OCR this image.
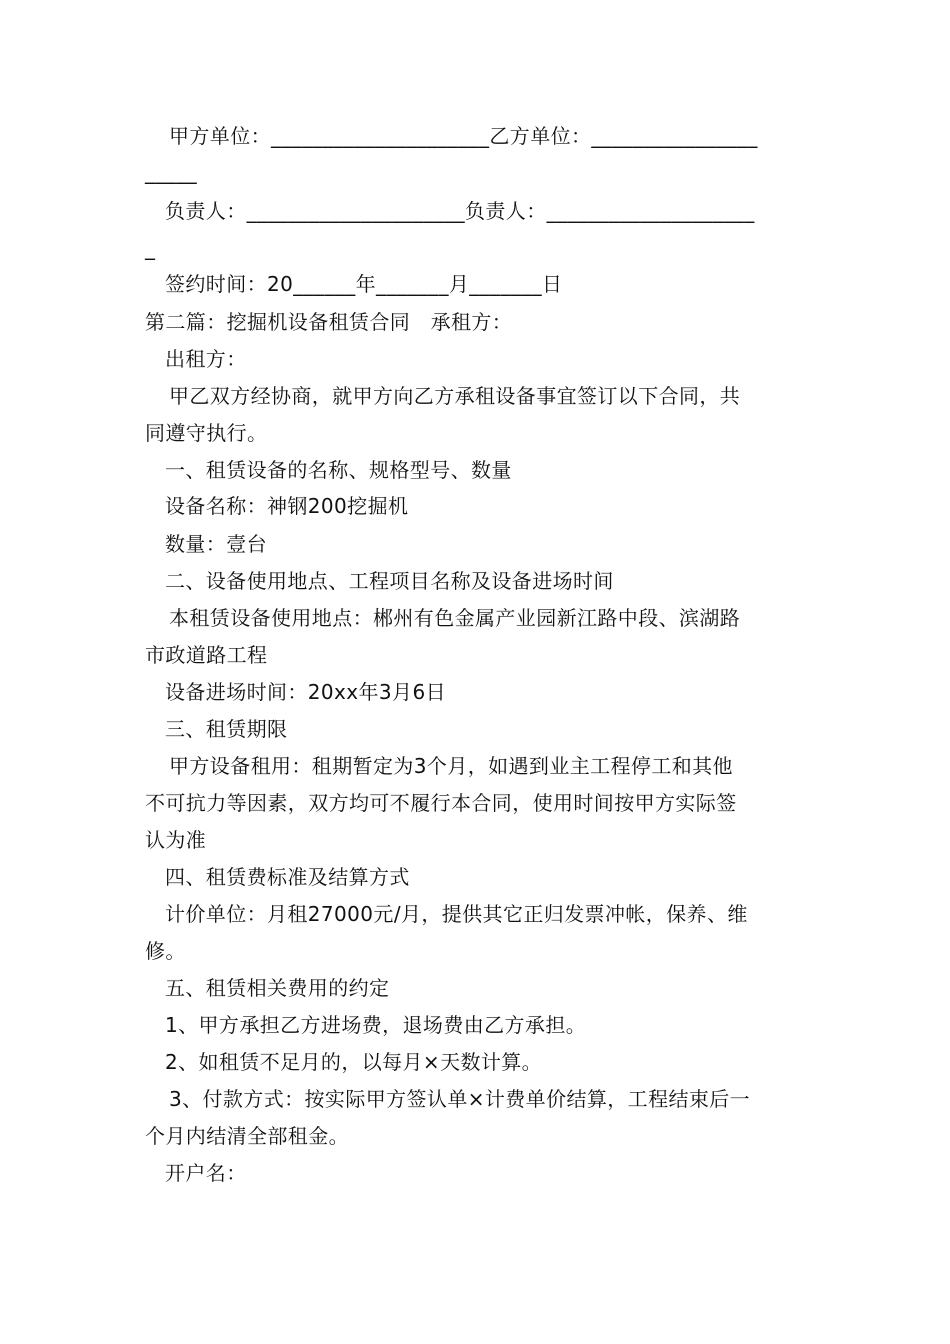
甲方单位：_____________________乙方单位：________________
_____
负责人：_____________________负责人：____________________
_
签约时间：20______年_______月_______日
第二篇：挖掘机设备租赁合同　承租方：
出租方：
甲乙双方经协商，就甲方向乙方承租设备事宜签订以下合同，共
同遵守执行。
一、租赁设备的名称、规格型号、数量
设备名称：神钢200挖掘机
数量：壹台
二、设备使用地点、工程项目名称及设备进场时间
本租赁设备使用地点：郴州有色金属产业园新江路中段、滨湖路
市政道路工程
设备进场时间：20xx年3月6日
三、租赁期限
甲方设备租用：租期暂定为3个月，如遇到业主工程停工和其他
不可抗力等因素，双方均可不履行本合同，使用时间按甲方实际签
认为准
四、租赁费标准及结算方式
计价单位：月租27000元/月，提供其它正归发票冲帐，保养、维
修。
五、租赁相关费用的约定
1、甲方承担乙方进场费，退场费由乙方承担。
2、如租赁不足月的，以每月×天数计算。
3、付款方式：按实际甲方签认单×计费单价结算，工程结束后一
个月内结清全部租金。
开户名：
